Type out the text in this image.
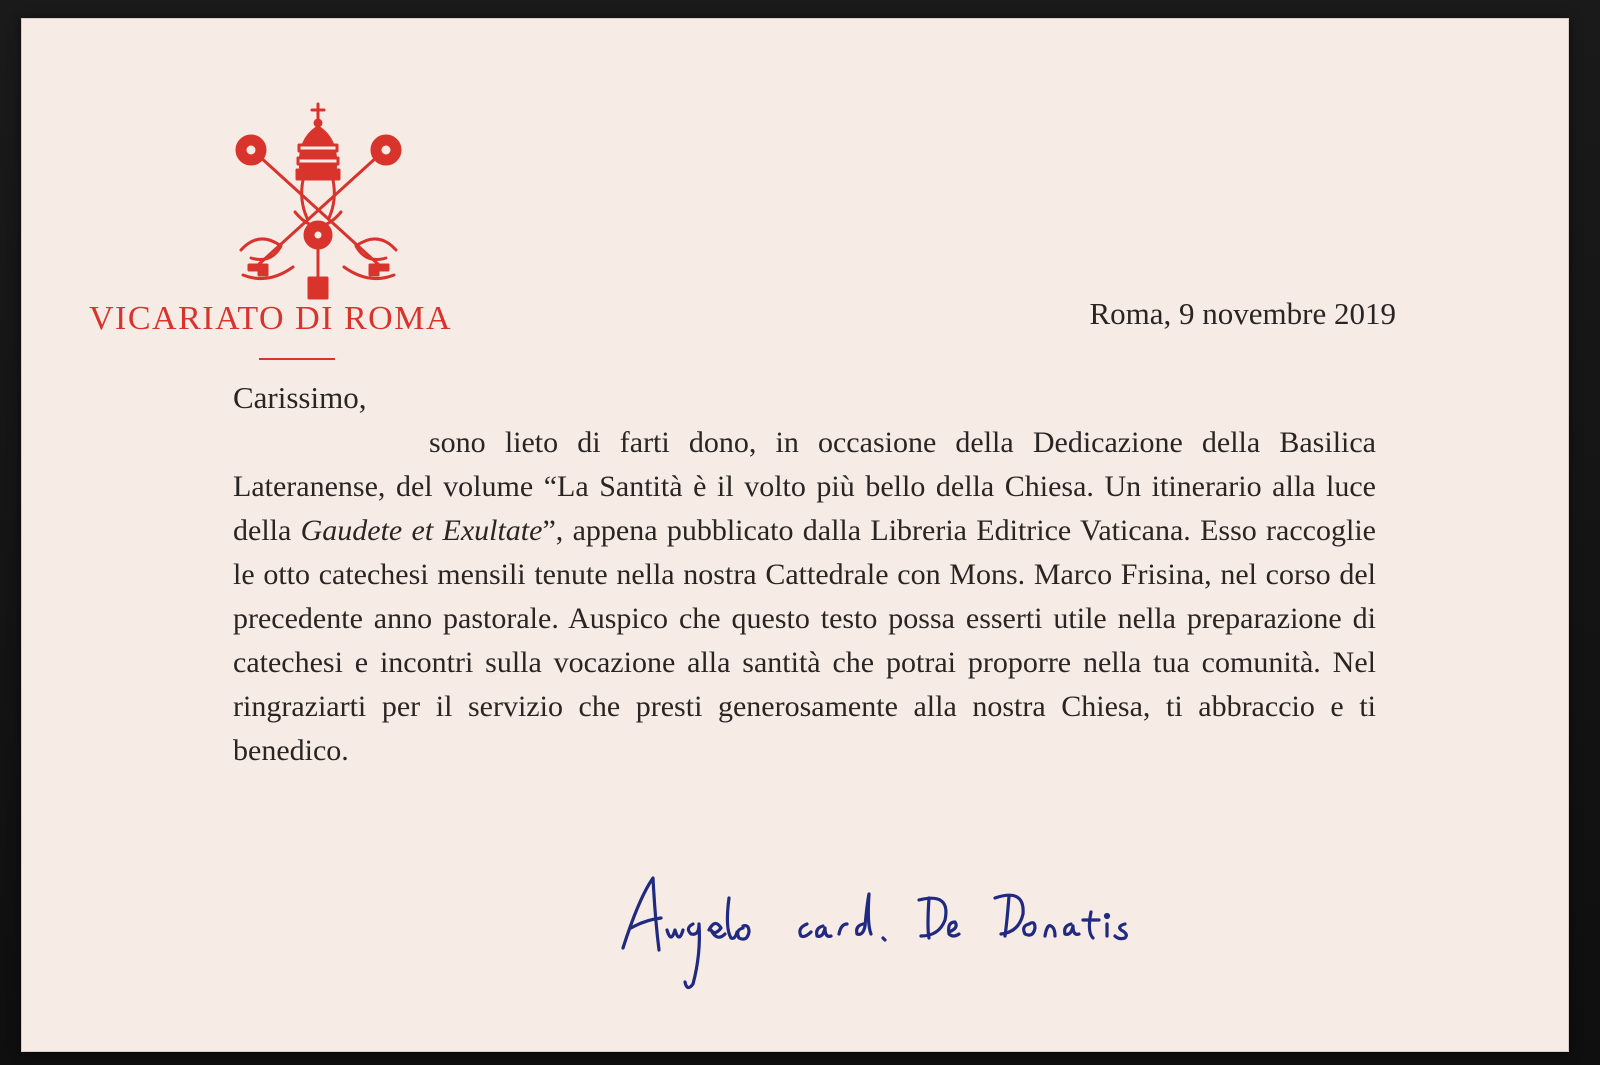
VICARIATO DI ROMA	Roma, 9 novembre 2019
Carissimo,
sono lieto di farti dono, in occasione della Dedicazione della Basilica Lateranense, del volume “La Santità è il volto più bello della Chiesa. Un itinerario alla luce della Gaudete et Exultate”, appena pubblicato dalla Libreria Editrice Vaticana. Esso raccoglie le otto catechesi mensili tenute nella nostra Cattedrale con Mons. Marco Frisina, nel corso del precedente anno pastorale. Auspico che questo testo possa esserti utile nella preparazione di catechesi e incontri sulla vocazione alla santità che potrai proporre nella tua comunità. Nel ringraziarti per il servizio che presti generosamente alla nostra Chiesa, ti abbraccio e ti benedico.
